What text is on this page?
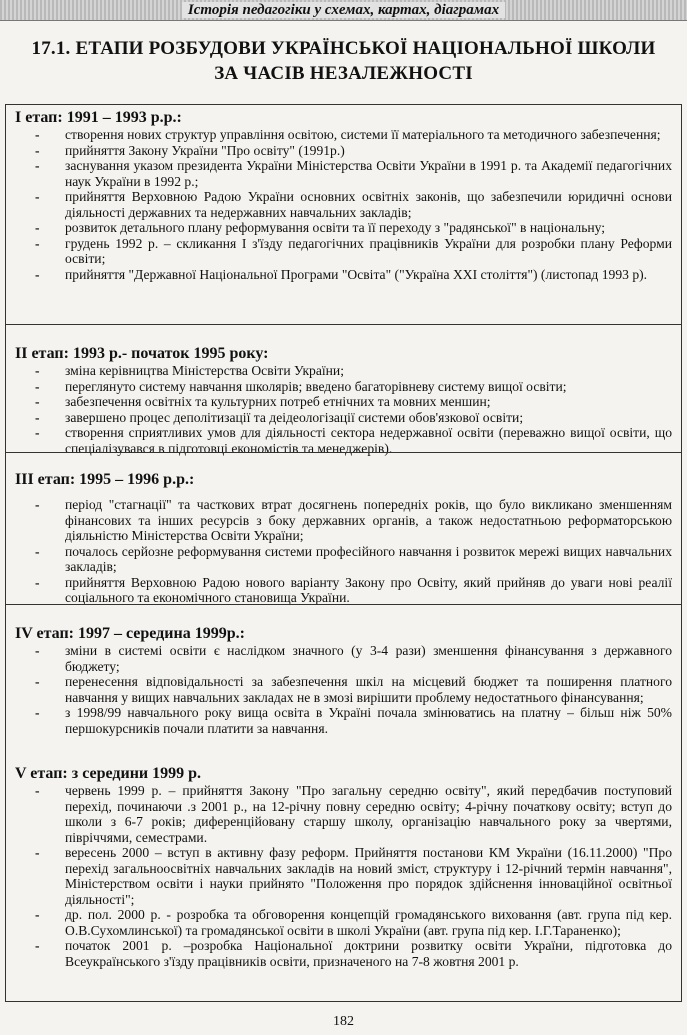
Історія педагогіки у схемах, картах, діаграмах
17.1. ЕТАПИ РОЗБУДОВИ УКРАЇНСЬКОЇ НАЦІОНАЛЬНОЇ ШКОЛИ
ЗА ЧАСІВ НЕЗАЛЕЖНОСТІ
І етап: 1991 – 1993 р.р.:
- створення нових структур управління освітою, системи її матеріального та методичного забезпечення;
- прийняття Закону України "Про освіту" (1991р.)
- заснування указом президента України Міністерства Освіти України в 1991 р. та Академії педагогічних наук України в 1992 р.;
- прийняття Верховною Радою України основних освітніх законів, що забезпечили юридичні основи діяльності державних та недержавних навчальних закладів;
- розвиток детального плану реформування освіти та її переходу з "радянської" в національну;
- грудень 1992 р. – скликання І з'їзду педагогічних працівників України для розробки плану Реформи освіти;
- прийняття "Державної Національної Програми "Освіта" ("Україна ХХІ століття") (листопад 1993 р).
ІІ етап: 1993 р.- початок 1995 року:
- зміна керівництва Міністерства Освіти України;
- переглянуто систему навчання школярів; введено багаторівневу систему вищої освіти;
- забезпечення освітніх та культурних потреб етнічних та мовних меншин;
- завершено процес деполітизації та деідеологізації системи обов'язкової освіти;
- створення сприятливих умов для діяльності сектора недержавної освіти (переважно вищої освіти, що спеціалізувався в підготовці економістів та менеджерів).
ІІІ етап: 1995 – 1996 р.р.:
- період "стагнації" та часткових втрат досягнень попередніх років, що було викликано зменшенням фінансових та інших ресурсів з боку державних органів, а також недостатньою реформаторською діяльністю Міністерства Освіти України;
- почалось серйозне реформування системи професійного навчання і розвиток мережі вищих навчальних закладів;
- прийняття Верховною Радою нового варіанту Закону про Освіту, який прийняв до уваги нові реалії соціального та економічного становища України.
ІV етап: 1997 – середина 1999р.:
- зміни в системі освіти є наслідком значного (у 3-4 рази) зменшення фінансування з державного бюджету;
- перенесення відповідальності за забезпечення шкіл на місцевий бюджет та поширення платного навчання у вищих навчальних закладах не в змозі вирішити проблему недостатнього фінансування;
- з 1998/99 навчального року вища освіта в Україні почала змінюватись на платну – більш ніж 50% першокурсників почали платити за навчання.
V етап: з середини 1999 р.
- червень 1999 р. – прийняття Закону "Про загальну середню освіту", який передбачив поступовий перехід, починаючи .з 2001 р., на 12-річну повну середню освіту; 4-річну початкову освіту; вступ до школи з 6-7 років; диференційовану старшу школу, організацію навчального року за чвертями, півріччями, семестрами.
- вересень 2000 – вступ в активну фазу реформ. Прийняття постанови КМ України (16.11.2000) "Про перехід загальноосвітніх навчальних закладів на новий зміст, структуру і 12-річний термін навчання", Міністерством освіти і науки прийнято "Положення про порядок здійснення інноваційної освітньої діяльності";
- др. пол. 2000 р. - розробка та обговорення концепцій громадянського виховання (авт. група під кер. О.В.Сухомлинської) та громадянської освіти в школі України (авт. група під кер. І.Г.Тараненко);
- початок 2001 р. –розробка Національної доктрини розвитку освіти України, підготовка до Всеукраїнського з'їзду працівників освіти, призначеного на 7-8 жовтня 2001 р.
182
